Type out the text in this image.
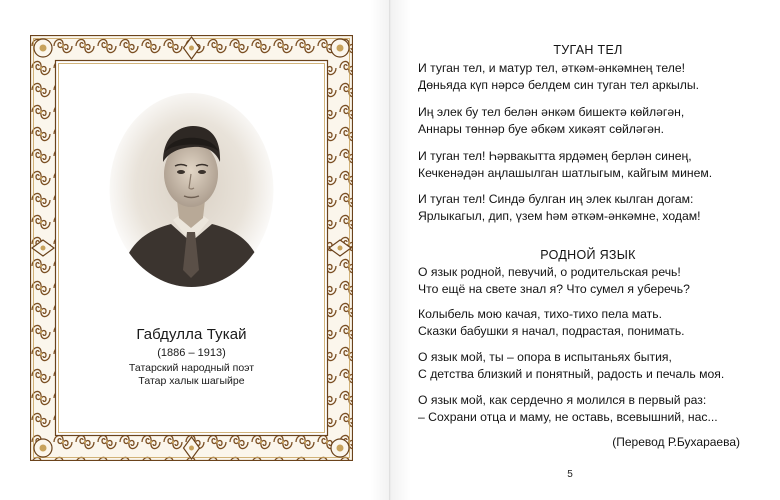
Габдулла Тукай
(1886 – 1913)
Татарский народный поэт
Татар халык шагыйре
ТУГАН ТЕЛ
И туган тел, и матур тел, әткәм-әнкәмнең теле!
Дөньяда күп нәрсә белдем син туган тел аркылы.
Иң элек бу тел белән әнкәм бишектә көйләгән,
Аннары төннәр буе әбкәм хикәят сөйләгән.
И туган тел! Һәрвакытта ярдәмең берлән синең,
Кечкенәдән аңлашылган шатлыгым, кайгым минем.
И туган тел! Синдә булган иң элек кылган догам:
Ярлыкагыл, дип, үзем һәм әткәм-әнкәмне, ходам!
РОДНОЙ ЯЗЫК
О язык родной, певучий, о родительская речь!
Что ещё на свете знал я? Что сумел я уберечь?
Колыбель мою качая, тихо-тихо пела мать.
Сказки бабушки я начал, подрастая, понимать.
О язык мой, ты – опора в испытаньях бытия,
С детства близкий и понятный, радость и печаль моя.
О язык мой, как сердечно я молился в первый раз:
– Сохрани отца и маму, не оставь, всевышний, нас...
(Перевод Р.Бухараева)
5
